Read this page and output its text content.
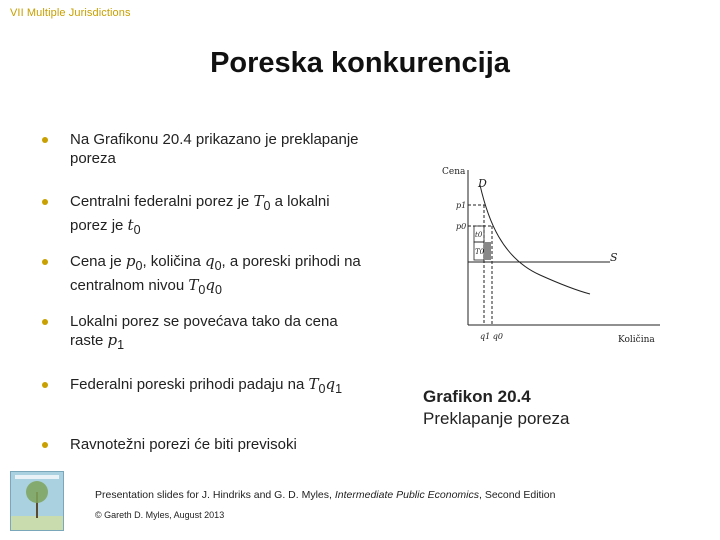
VII Multiple Jurisdictions
Poreska konkurencija
Na Grafikonu 20.4 prikazano je preklapanje poreza
Centralni federalni porez je $T_0$ a lokalni porez je $t_0$
Cena je $p_0$, količina $q_0$, a poreski prihodi na centralnom nivou $T_0q_0$
Lokalni porez se povećava tako da cena raste $p_1$
Federalni poreski prihodi padaju na $T_0q_1$
Ravnotežni porezi će biti previsoki
Cena
D
S
p1
p0
t0
T0
q1 q0	Količina
Grafikon 20.4
Preklapanje poreza
Presentation slides for J. Hindriks and G. D. Myles, Intermediate Public Economics, Second Edition
© Gareth D. Myles, August 2013
